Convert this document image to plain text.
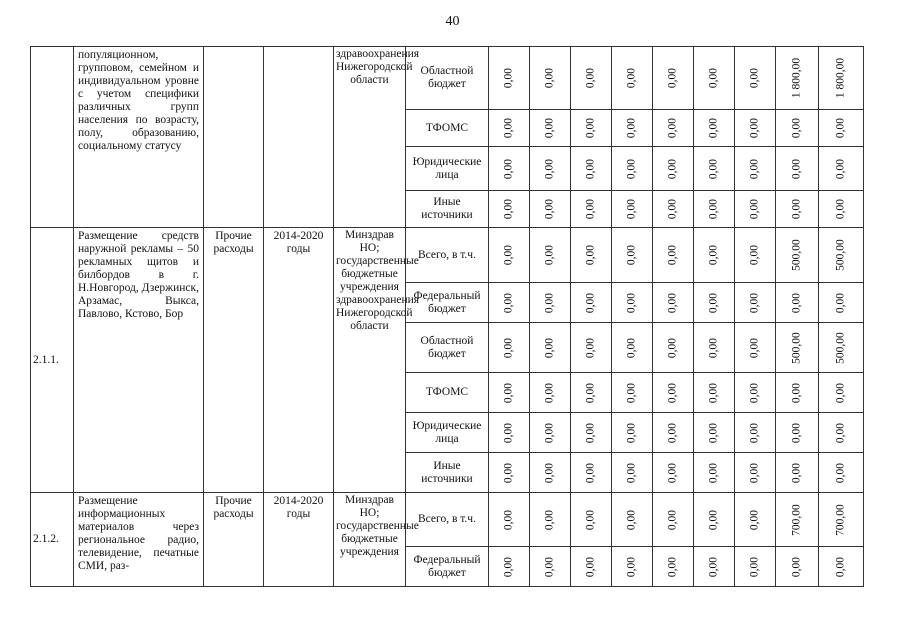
40
	популяционном, групповом, семейном и индивидуальном уровне с учетом специфики различных групп населения по возрасту, полу, образованию, социальному статусу			здравоохранения Нижегородской области	Областной бюджет	0,00	0,00	0,00	0,00	0,00	0,00	0,00	1 800,00	1 800,00

					ТФОМС	0,00	0,00	0,00	0,00	0,00	0,00	0,00	0,00	0,00

					Юридические лица	0,00	0,00	0,00	0,00	0,00	0,00	0,00	0,00	0,00

					Иные источники	0,00	0,00	0,00	0,00	0,00	0,00	0,00	0,00	0,00

2.1.1.	Размещение средств наружной рекламы – 50 рекламных щитов и билбордов в г. Н.Новгород, Дзержинск, Арзамас, Выкса, Павлово, Кстово, Бор	Прочие расходы	2014-2020 годы	Минздрав НО; государственные бюджетные учреждения здравоохранения Нижегородской области	Всего, в т.ч.	0,00	0,00	0,00	0,00	0,00	0,00	0,00	500,00	500,00

					Федеральный бюджет	0,00	0,00	0,00	0,00	0,00	0,00	0,00	0,00	0,00

					Областной бюджет	0,00	0,00	0,00	0,00	0,00	0,00	0,00	500,00	500,00

					ТФОМС	0,00	0,00	0,00	0,00	0,00	0,00	0,00	0,00	0,00

					Юридические лица	0,00	0,00	0,00	0,00	0,00	0,00	0,00	0,00	0,00

					Иные источники	0,00	0,00	0,00	0,00	0,00	0,00	0,00	0,00	0,00

2.1.2.	Размещение информационных материалов через региональное радио, телевидение, печатные СМИ, раз-	Прочие расходы	2014-2020 годы	Минздрав НО; государственные бюджетные учреждения	Всего, в т.ч.	0,00	0,00	0,00	0,00	0,00	0,00	0,00	700,00	700,00

					Федеральный бюджет	0,00	0,00	0,00	0,00	0,00	0,00	0,00	0,00	0,00
